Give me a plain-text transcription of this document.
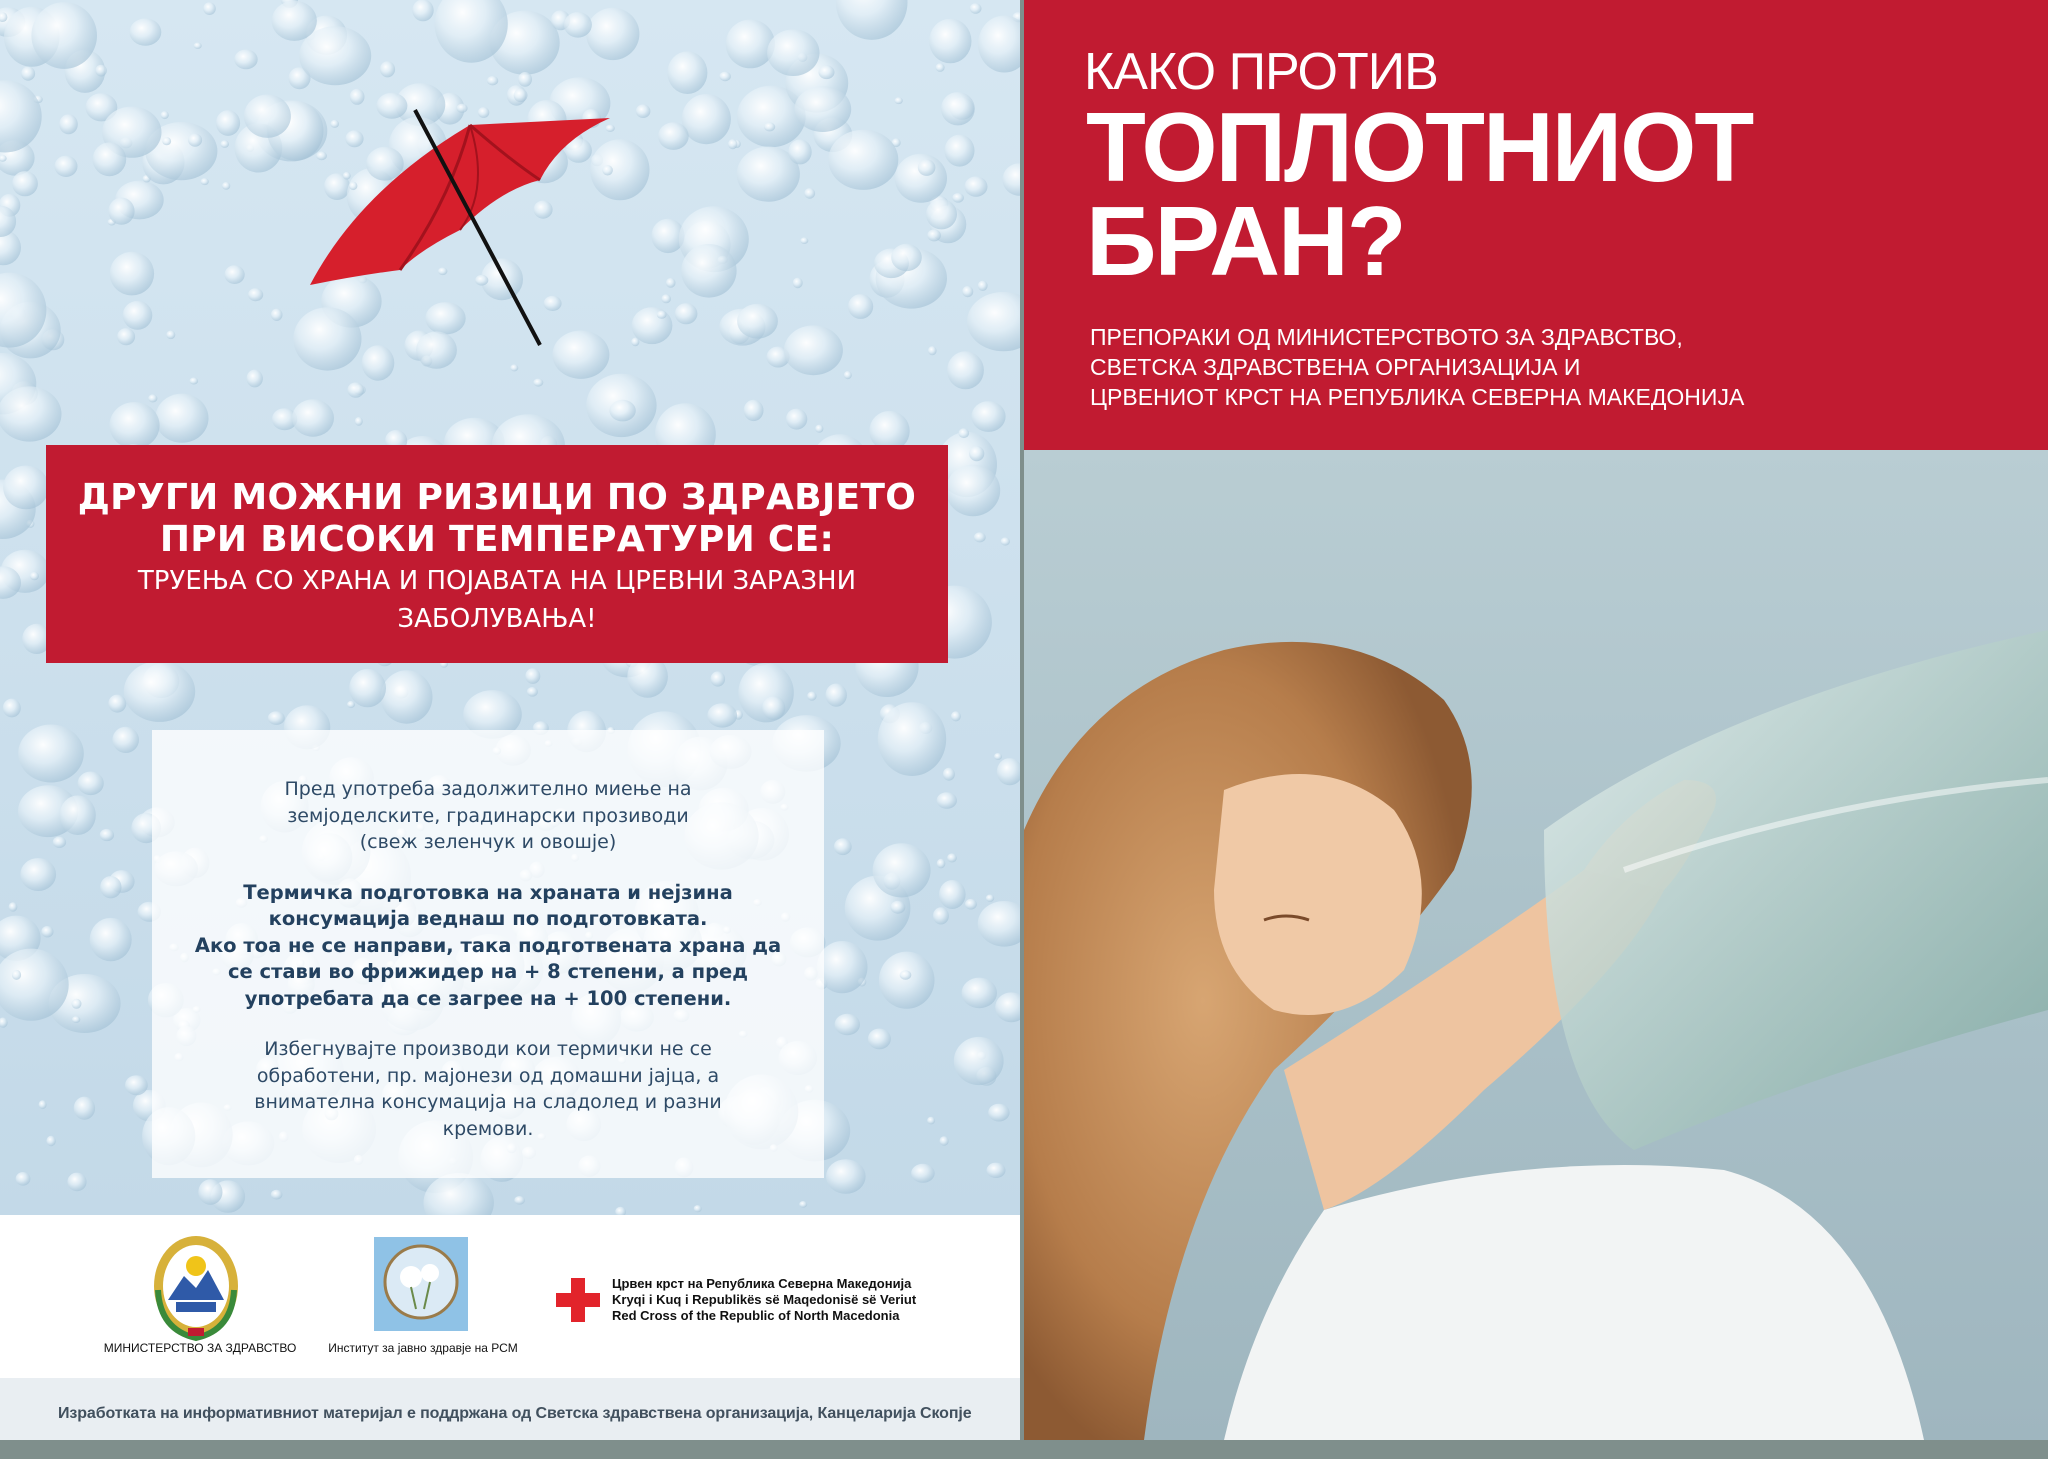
ДРУГИ МОЖНИ РИЗИЦИ ПО ЗДРАВЈЕТО
ПРИ ВИСОКИ ТЕМПЕРАТУРИ СЕ:
ТРУЕЊА СО ХРАНА И ПОЈАВАТА НА ЦРЕВНИ ЗАРАЗНИ
ЗАБОЛУВАЊА!
Пред употреба задолжително миење на
земјоделските, градинарски прозиводи
(свеж зеленчук и овошје)
Термичка подготовка на храната и нејзина
консумација веднаш по подготовката.
Ако тоа не се направи, така подготвената храна да
се стави во фрижидер на + 8 степени, а пред
употребата да се загрее на + 100 степени.
Избегнувајте производи кои термички не се
обработени, пр. мајонези од домашни јајца, а
внимателна консумација на сладолед и разни
кремови.
МИНИСТЕРСТВО ЗА ЗДРАВСТВО	Институт за јавно здравје на РСМ
Црвен крст на Република Северна Македонија
Kryqi i Kuq i Republikës së Maqedonisë së Veriut
Red Cross of the Republic of North Macedonia
Изработката на информативниот материјал е поддржана од Светска здравствена организација, Канцеларија Скопје
КАКО ПРОТИВ
ТОПЛОТНИОТ
БРАН?
ПРЕПОРАКИ ОД МИНИСТЕРСТВОТО ЗА ЗДРАВСТВО,
СВЕТСКА ЗДРАВСТВЕНА ОРГАНИЗАЦИЈА И
ЦРВЕНИОТ КРСТ НА РЕПУБЛИКА СЕВЕРНА МАКЕДОНИЈА
